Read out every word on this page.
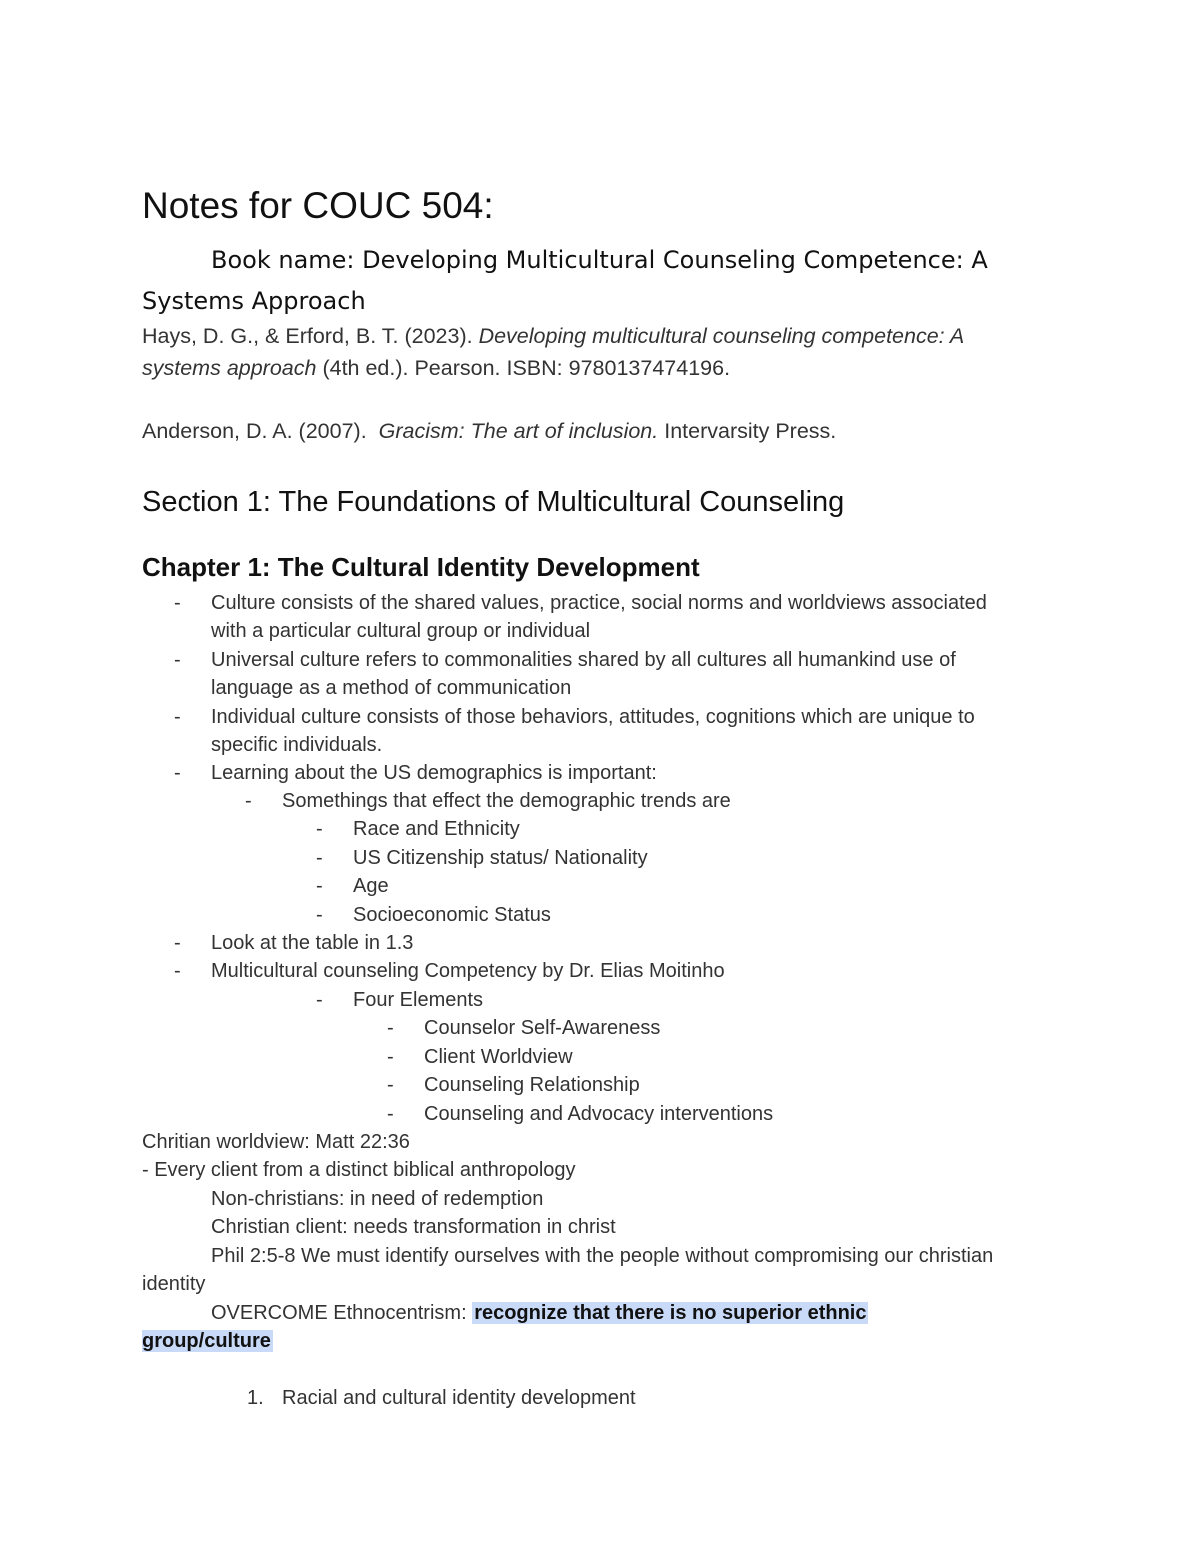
Notes for COUC 504:
Book name: Developing Multicultural Counseling Competence: A
Systems Approach
Hays, D. G., & Erford, B. T. (2023). Developing multicultural counseling competence: A
systems approach (4th ed.). Pearson. ISBN: 9780137474196.
Anderson, D. A. (2007). Gracism: The art of inclusion. Intervarsity Press.
Section 1: The Foundations of Multicultural Counseling
Chapter 1: The Cultural Identity Development
- Culture consists of the shared values, practice, social norms and worldviews associated
with a particular cultural group or individual
- Universal culture refers to commonalities shared by all cultures all humankind use of
language as a method of communication
- Individual culture consists of those behaviors, attitudes, cognitions which are unique to
specific individuals.
- Learning about the US demographics is important:
- Somethings that effect the demographic trends are
- Race and Ethnicity
- US Citizenship status/ Nationality
- Age
- Socioeconomic Status
- Look at the table in 1.3
- Multicultural counseling Competency by Dr. Elias Moitinho
- Four Elements
- Counselor Self-Awareness
- Client Worldview
- Counseling Relationship
- Counseling and Advocacy interventions
Chritian worldview: Matt 22:36
- Every client from a distinct biblical anthropology
Non-christians: in need of redemption
Christian client: needs transformation in christ
Phil 2:5-8 We must identify ourselves with the people without compromising our christian
identity
OVERCOME Ethnocentrism: recognize that there is no superior ethnic
group/culture
1. Racial and cultural identity development
